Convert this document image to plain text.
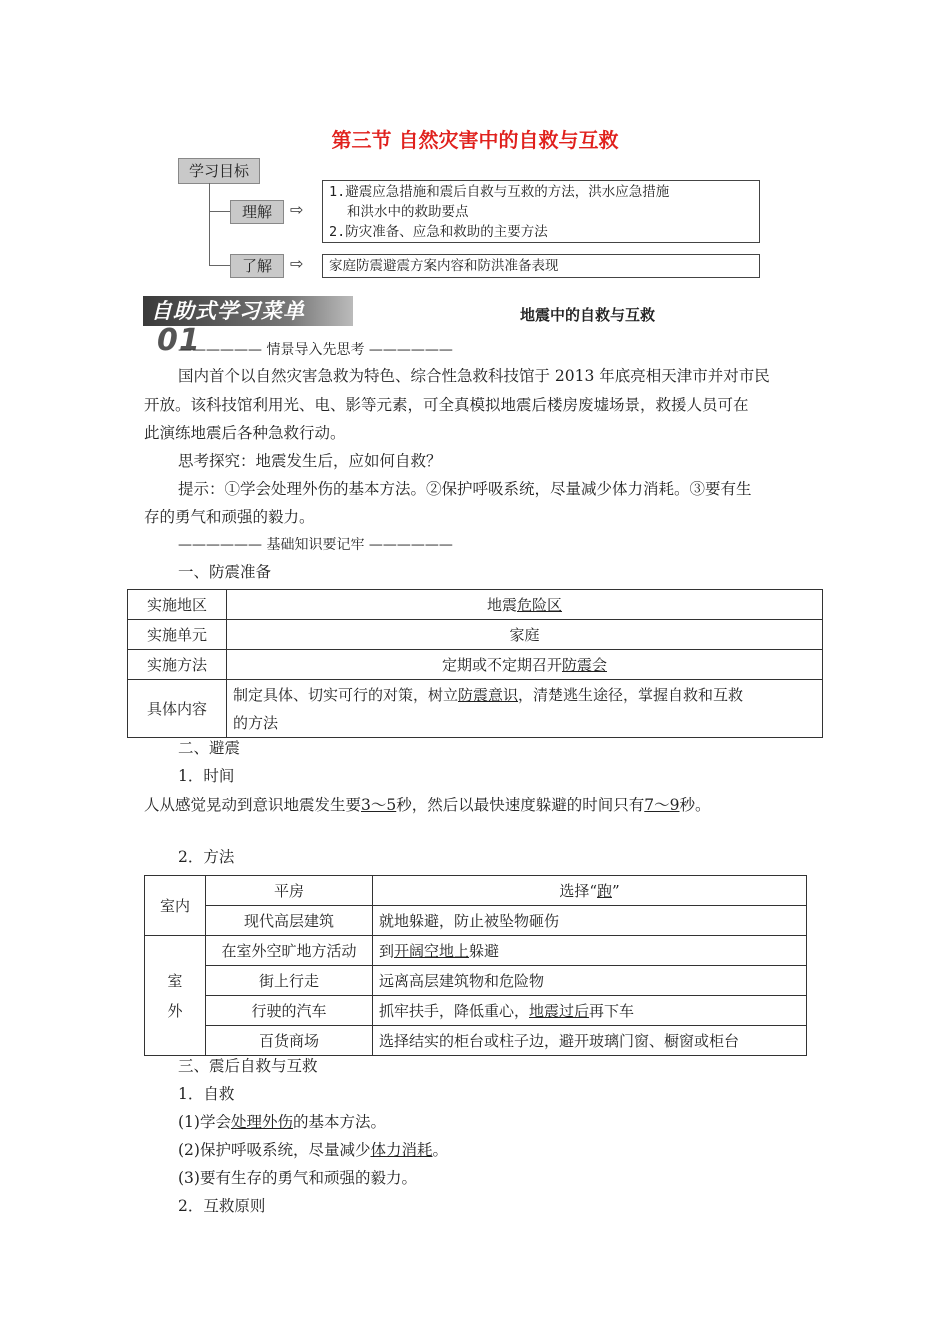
第三节 自然灾害中的自救与互救
学习目标
理解	⇨
1.避震应急措施和震后自救与互救的方法，洪水应急措施
和洪水中的救助要点
2.防灾准备、应急和救助的主要方法
了解	⇨	家庭防震避震方案内容和防洪准备表现
自助式学习菜单01
地震中的自救与互救
—————— 情景导入先思考 ——————
国内首个以自然灾害急救为特色、综合性急救科技馆于 2013 年底亮相天津市并对市民
开放。该科技馆利用光、电、影等元素，可全真模拟地震后楼房废墟场景，救援人员可在
此演练地震后各种急救行动。
思考探究：地震发生后，应如何自救？
提示：①学会处理外伤的基本方法。②保护呼吸系统，尽量减少体力消耗。③要有生
存的勇气和顽强的毅力。
—————— 基础知识要记牢 ——————
一、防震准备
实施地区	地震危险区
实施单元	家庭
实施方法	定期或不定期召开防震会
具体内容	制定具体、切实可行的对策，树立防震意识，清楚逃生途径，掌握自救和互救
的方法
二、避震
1．时间
人从感觉晃动到意识地震发生要3～5秒，然后以最快速度躲避的时间只有7～9秒。
2．方法
室内	平房	选择“跑”
	现代高层建筑	就地躲避，防止被坠物砸伤
室
外	在室外空旷地方活动	到开阔空地上躲避
	街上行走	远离高层建筑物和危险物
	行驶的汽车	抓牢扶手，降低重心，地震过后再下车
	百货商场	选择结实的柜台或柱子边，避开玻璃门窗、橱窗或柜台
三、震后自救与互救
1．自救
(1)学会处理外伤的基本方法。
(2)保护呼吸系统，尽量减少体力消耗。
(3)要有生存的勇气和顽强的毅力。
2．互救原则
